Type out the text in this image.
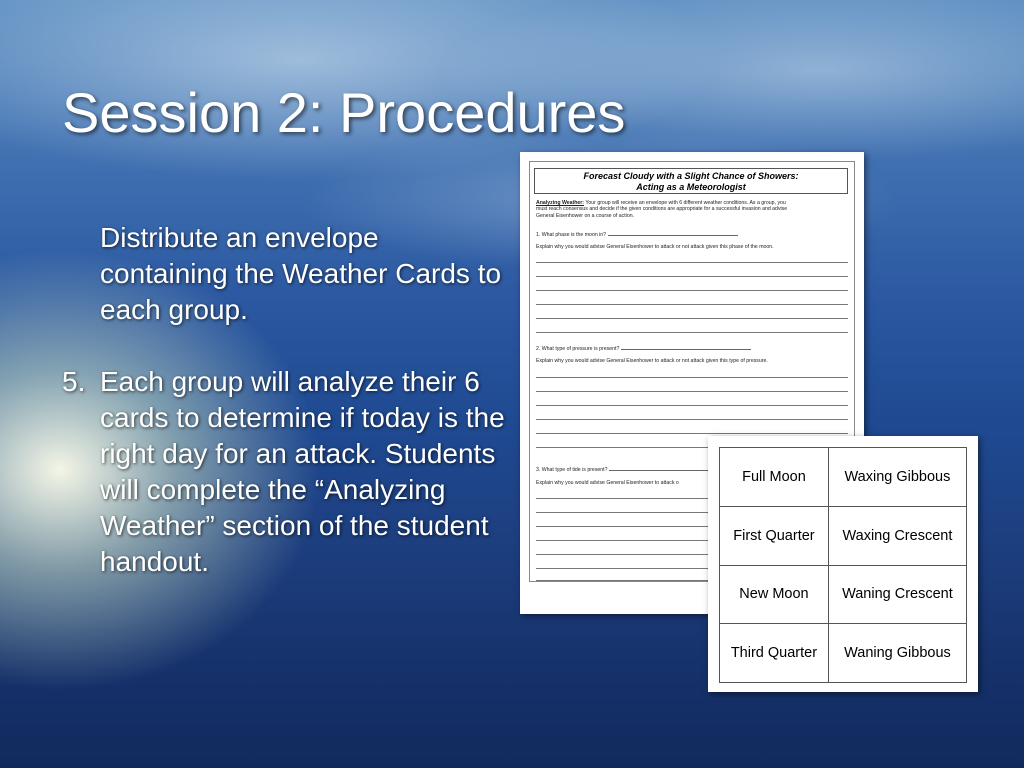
Session 2: Procedures

Distribute an envelope containing the Weather Cards to each group.

5. Each group will analyze their 6 cards to determine if today is the right day for an attack. Students will complete the “Analyzing Weather” section of the student handout.

Forecast Cloudy with a Slight Chance of Showers:
Acting as a Meteorologist
Analyzing Weather: Your group will receive an envelope with 6 different weather conditions. As a group, you
must reach consensus and decide if the given conditions are appropriate for a successful invasion and advise
General Eisenhower on a course of action.
1. What phase is the moon in?
Explain why you would advise General Eisenhower to attack or not attack given this phase of the moon.
2. What type of pressure is present?
Explain why you would advise General Eisenhower to attack or not attack given this type of pressure.
3. What type of tide is present?
Explain why you would advise General Eisenhower to attack o	Full Moon	Waxing Gibbous
First Quarter	Waxing Crescent
New Moon	Waning Crescent
Third Quarter	Waning Gibbous
